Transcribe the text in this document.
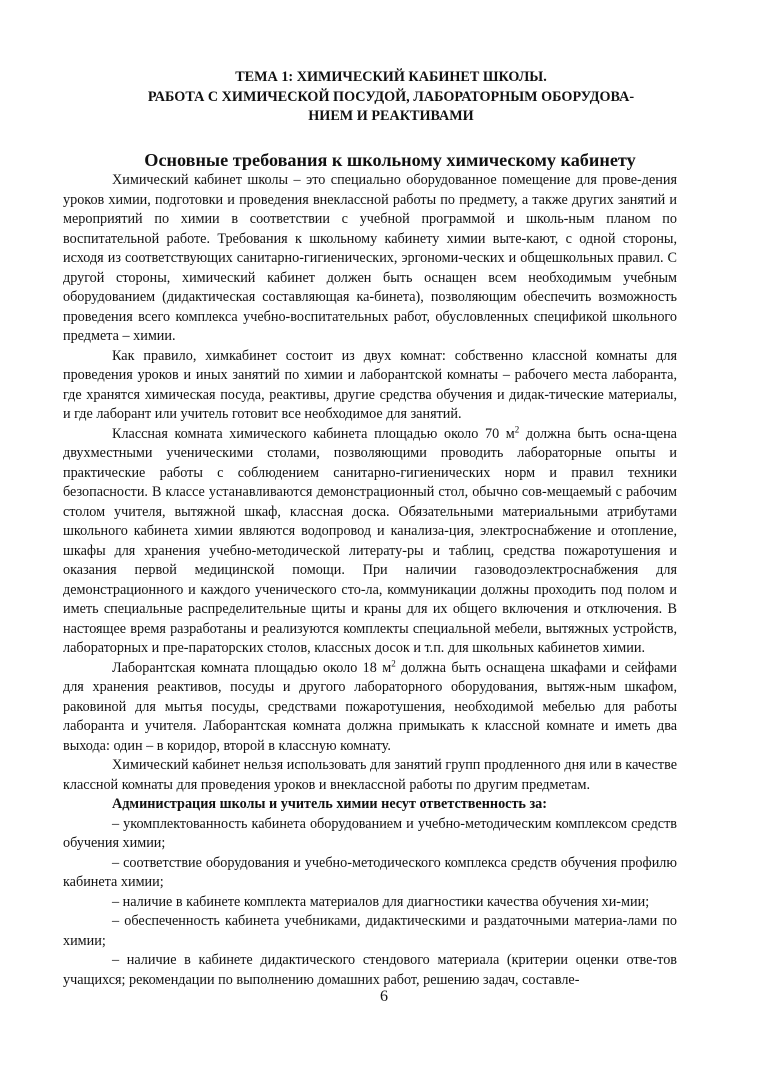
ТЕМА 1: ХИМИЧЕСКИЙ КАБИНЕТ ШКОЛЫ.
РАБОТА С ХИМИЧЕСКОЙ ПОСУДОЙ, ЛАБОРАТОРНЫМ ОБОРУДОВА-
НИЕМ И РЕАКТИВАМИ
Основные требования к школьному химическому кабинету

Химический кабинет школы – это специально оборудованное помещение для прове-дения уроков химии, подготовки и проведения внеклассной работы по предмету, а также других занятий и мероприятий по химии в соответствии с учебной программой и школь-ным планом по воспитательной работе. Требования к школьному кабинету химии выте-кают, с одной стороны, исходя из соответствующих санитарно-гигиенических, эргономи-ческих и общешкольных правил. С другой стороны, химический кабинет должен быть оснащен всем необходимым учебным оборудованием (дидактическая составляющая ка-бинета), позволяющим обеспечить возможность проведения всего комплекса учебно-воспитательных работ, обусловленных спецификой школьного предмета – химии.

Как правило, химкабинет состоит из двух комнат: собственно классной комнаты для проведения уроков и иных занятий по химии и лаборантской комнаты – рабочего места лаборанта, где хранятся химическая посуда, реактивы, другие средства обучения и дидак-тические материалы, и где лаборант или учитель готовит все необходимое для занятий.

Классная комната химического кабинета площадью около 70 $м^2$ должна быть осна-щена двухместными ученическими столами, позволяющими проводить лабораторные опыты и практические работы с соблюдением санитарно-гигиенических норм и правил техники безопасности. В классе устанавливаются демонстрационный стол, обычно сов-мещаемый с рабочим столом учителя, вытяжной шкаф, классная доска. Обязательными материальными атрибутами школьного кабинета химии являются водопровод и канализа-ция, электроснабжение и отопление, шкафы для хранения учебно-методической литерату-ры и таблиц, средства пожаротушения и оказания первой медицинской помощи. При наличии газоводоэлектроснабжения для демонстрационного и каждого ученического сто-ла, коммуникации должны проходить под полом и иметь специальные распределительные щиты и краны для их общего включения и отключения. В настоящее время разработаны и реализуются комплекты специальной мебели, вытяжных устройств, лабораторных и пре-параторских столов, классных досок и т.п. для школьных кабинетов химии.

Лаборантская комната площадью около 18 $м^2$ должна быть оснащена шкафами и сейфами для хранения реактивов, посуды и другого лабораторного оборудования, вытяж-ным шкафом, раковиной для мытья посуды, средствами пожаротушения, необходимой мебелью для работы лаборанта и учителя. Лаборантская комната должна примыкать к классной комнате и иметь два выхода: один – в коридор, второй в классную комнату.

Химический кабинет нельзя использовать для занятий групп продленного дня или в качестве классной комнаты для проведения уроков и внеклассной работы по другим предметам.

Администрация школы и учитель химии несут ответственность за:

– укомплектованность кабинета оборудованием и учебно-методическим комплексом средств обучения химии;

– соответствие оборудования и учебно-методического комплекса средств обучения профилю кабинета химии;

– наличие в кабинете комплекта материалов для диагностики качества обучения хи-мии;

– обеспеченность кабинета учебниками, дидактическими и раздаточными материа-лами по химии;

– наличие в кабинете дидактического стендового материала (критерии оценки отве-тов учащихся; рекомендации по выполнению домашних работ, решению задач, составле-

6
